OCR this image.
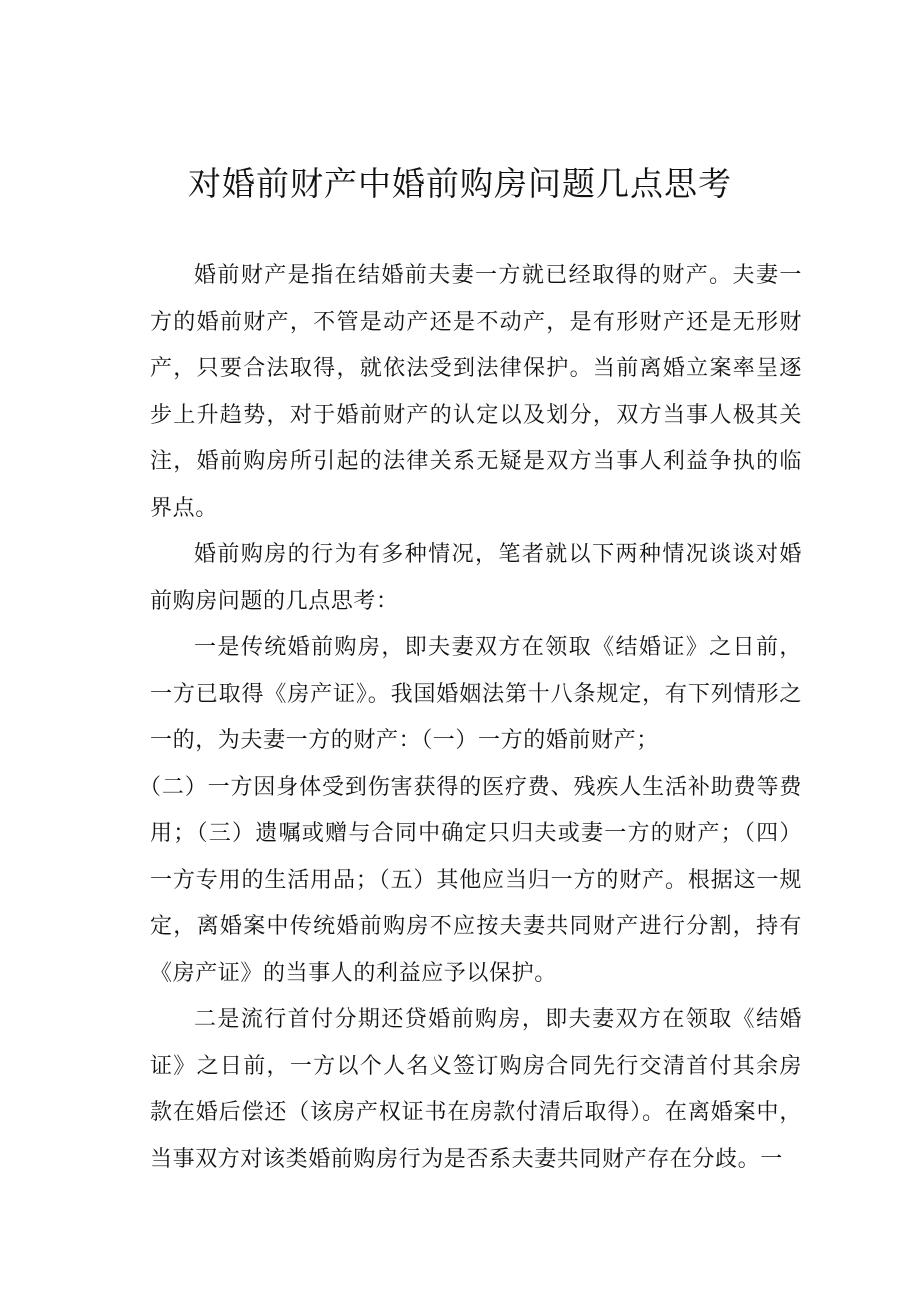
对婚前财产中婚前购房问题几点思考

婚前财产是指在结婚前夫妻一方就已经取得的财产。夫妻一方的婚前财产，不管是动产还是不动产，是有形财产还是无形财产，只要合法取得，就依法受到法律保护。当前离婚立案率呈逐步上升趋势，对于婚前财产的认定以及划分，双方当事人极其关注，婚前购房所引起的法律关系无疑是双方当事人利益争执的临界点。

婚前购房的行为有多种情况，笔者就以下两种情况谈谈对婚前购房问题的几点思考：

一是传统婚前购房，即夫妻双方在领取《结婚证》之日前，一方已取得《房产证》。我国婚姻法第十八条规定，有下列情形之一的，为夫妻一方的财产：（一）一方的婚前财产；

（二）一方因身体受到伤害获得的医疗费、残疾人生活补助费等费用；（三）遗嘱或赠与合同中确定只归夫或妻一方的财产；（四）一方专用的生活用品；（五）其他应当归一方的财产。根据这一规定，离婚案中传统婚前购房不应按夫妻共同财产进行分割，持有《房产证》的当事人的利益应予以保护。

二是流行首付分期还贷婚前购房，即夫妻双方在领取《结婚证》之日前，一方以个人名义签订购房合同先行交清首付其余房款在婚后偿还（该房产权证书在房款付清后取得）。在离婚案中，当事双方对该类婚前购房行为是否系夫妻共同财产存在分歧。一
